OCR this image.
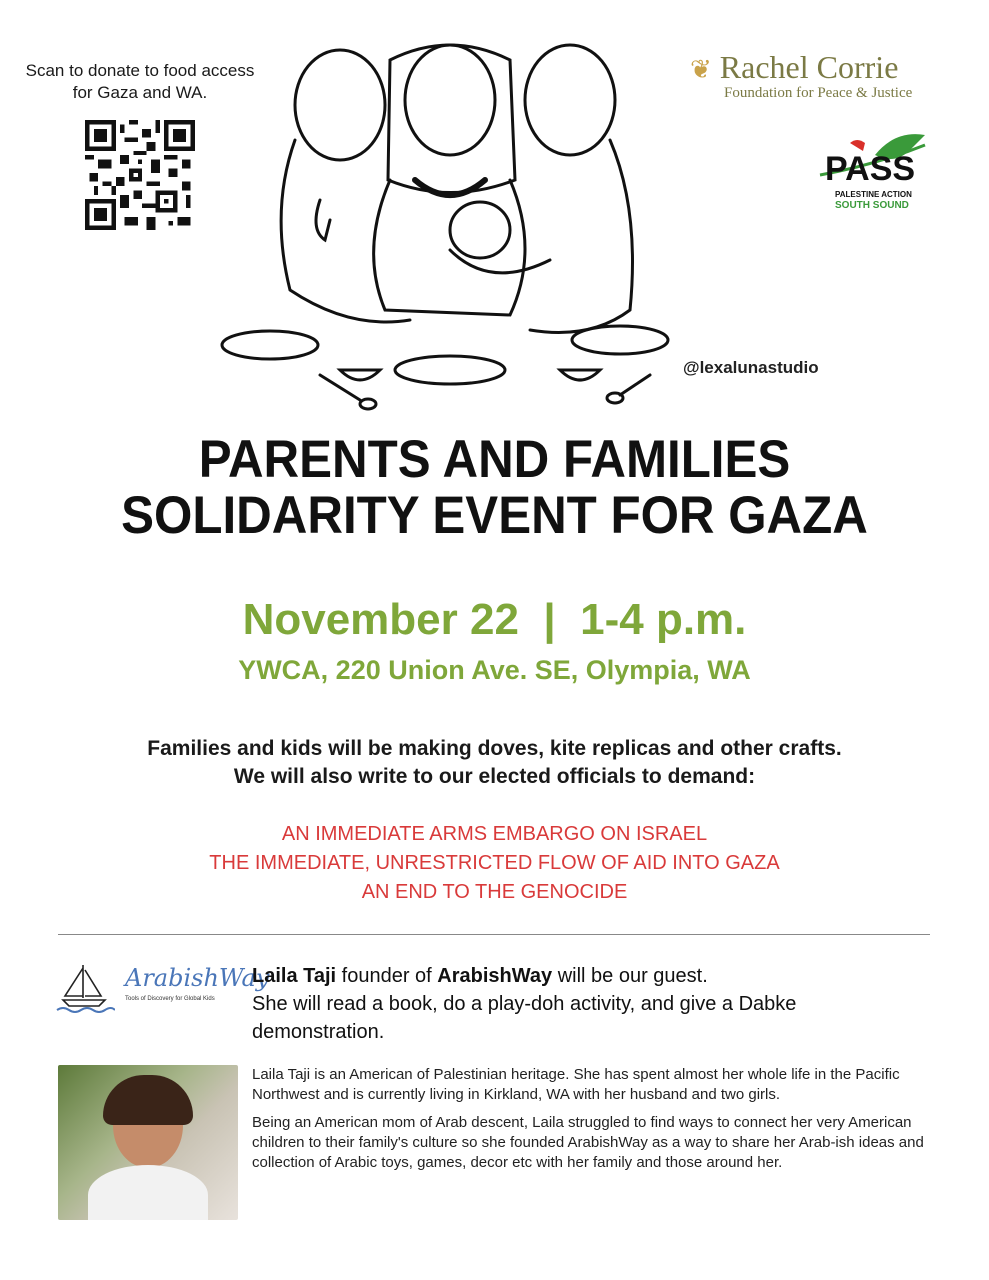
Scan to donate to food access for Gaza and WA.
@lexalunastudio
❦ Rachel Corrie
Foundation for Peace & Justice
PASS
PALESTINE ACTION
SOUTH SOUND
PARENTS AND FAMILIES
SOLIDARITY EVENT FOR GAZA
November 22  |  1-4 p.m.
YWCA, 220 Union Ave. SE, Olympia, WA
Families and kids will be making doves, kite replicas and other crafts.
We will also write to our elected officials to demand:
AN IMMEDIATE ARMS EMBARGO ON ISRAEL
THE IMMEDIATE, UNRESTRICTED FLOW OF AID INTO GAZA
AN END TO THE GENOCIDE
ArabishWay
Tools of Discovery for Global Kids
Laila Taji founder of ArabishWay will be our guest.
She will read a book, do a play-doh activity, and give a Dabke demonstration.

Laila Taji is an American of Palestinian heritage. She has spent almost her whole life in the Pacific Northwest and is currently living in Kirkland, WA with her husband and two girls.

Being an American mom of Arab descent, Laila struggled to find ways to connect her very American children to their family's culture so she founded ArabishWay as a way to share her Arab-ish ideas and collection of Arabic toys, games, decor etc with her family and those around her.
